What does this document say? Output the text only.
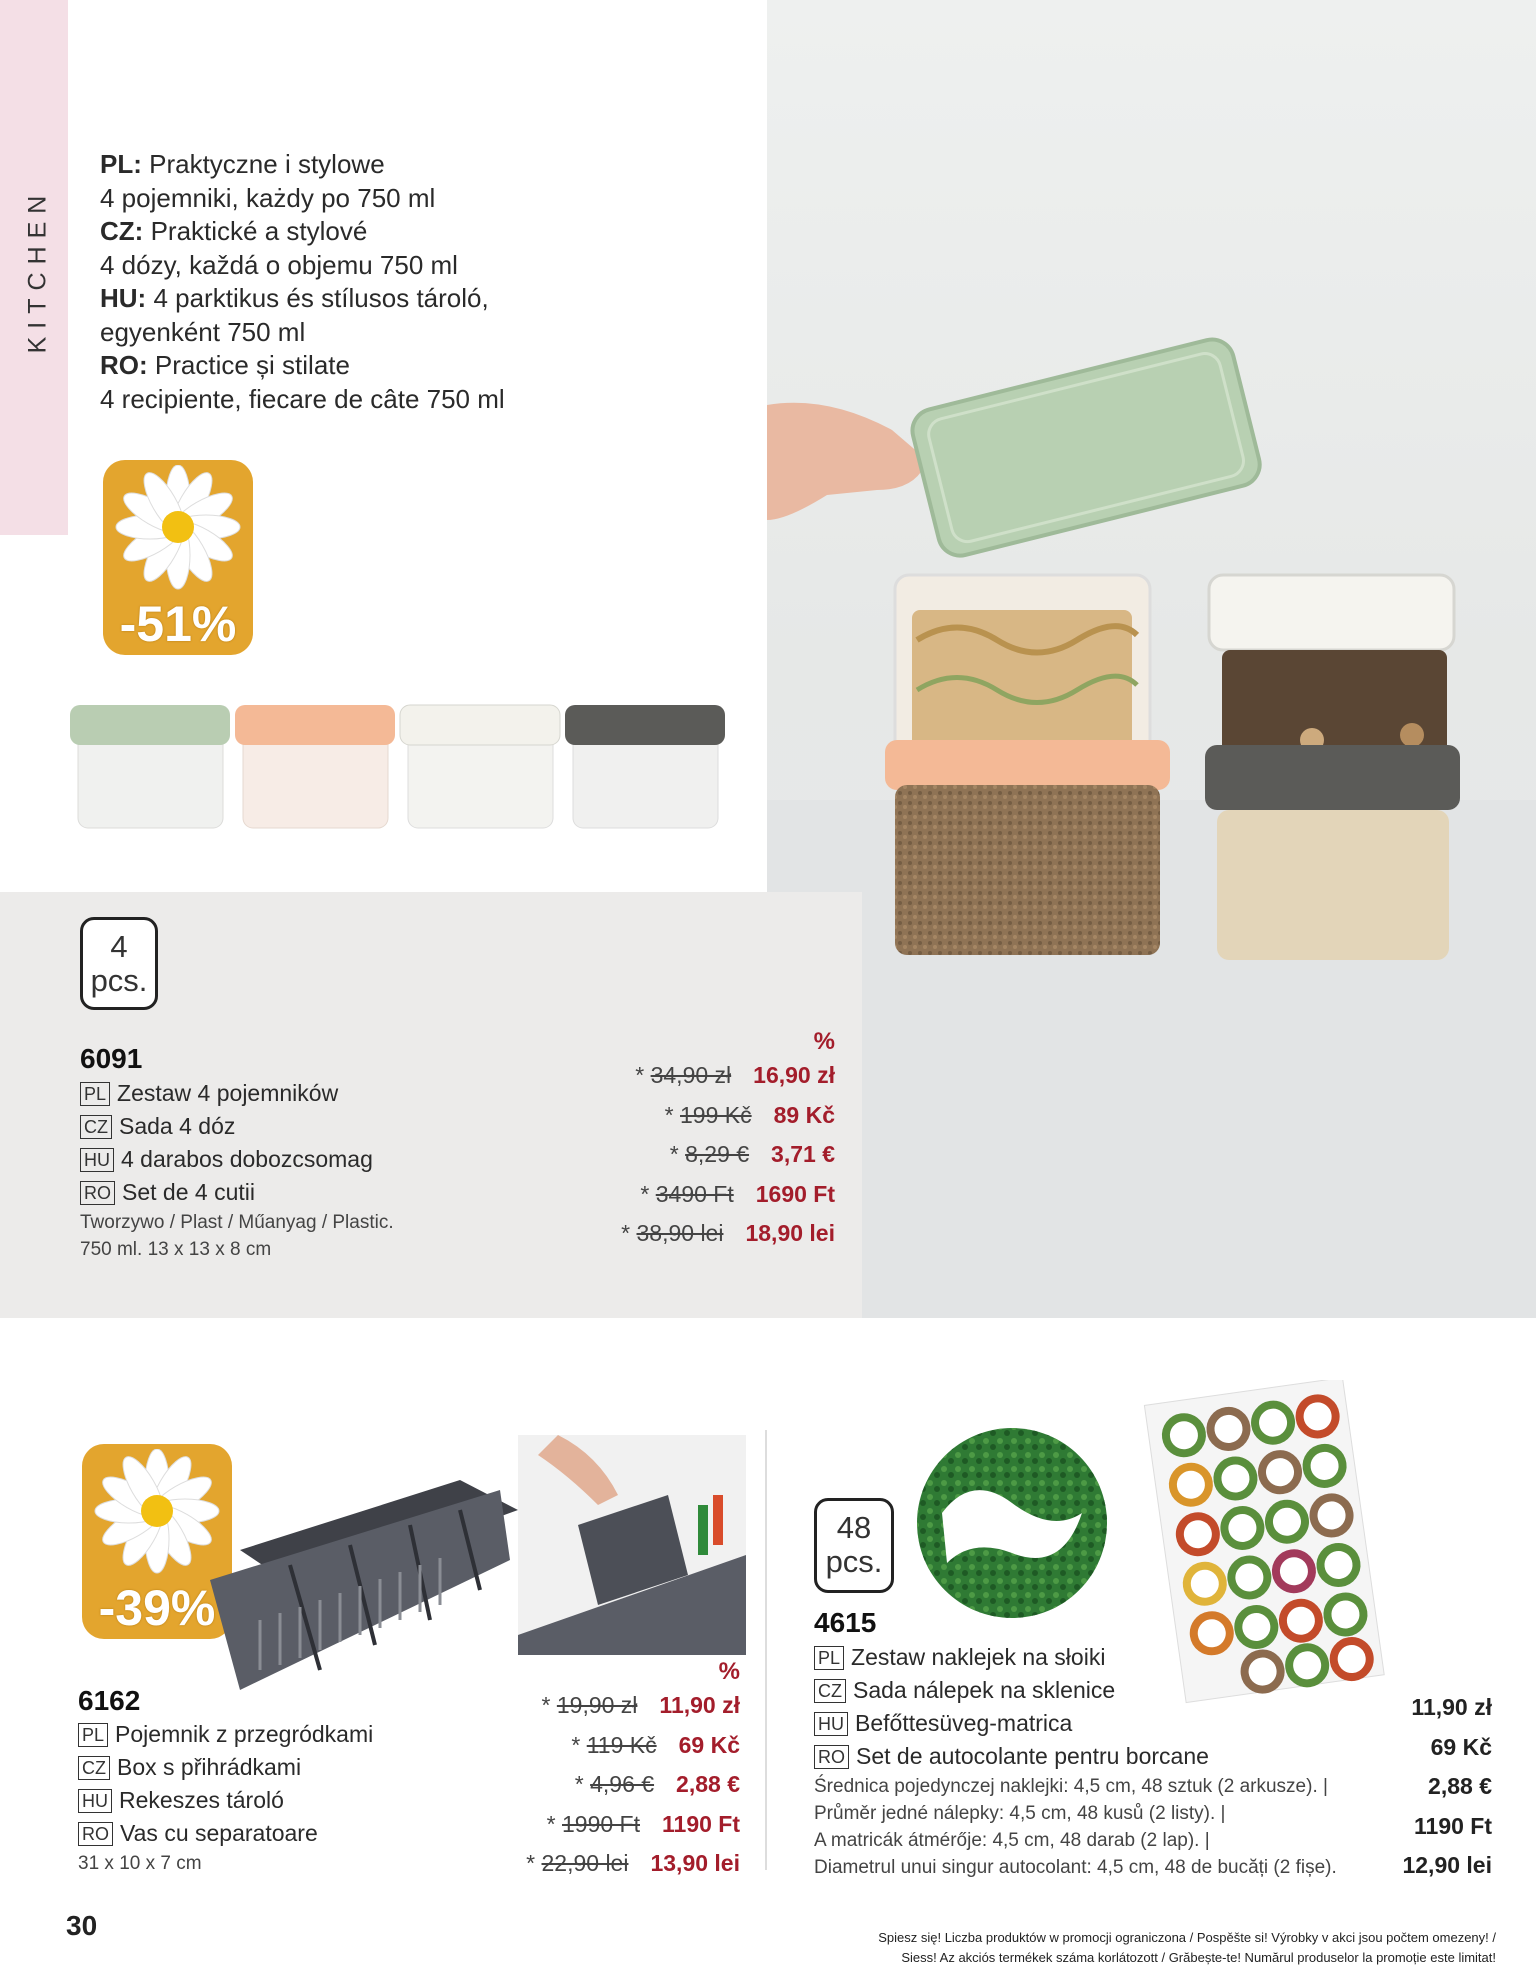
KITCHEN
PL: Praktyczne i stylowe
4 pojemniki, każdy po 750 ml
CZ: Praktické a stylové
4 dózy, každá o objemu 750 ml
HU: 4 parktikus és stílusos tároló,
egyenként 750 ml
RO: Practice și stilate
4 recipiente, fiecare de câte 750 ml
-51%
4
pcs.
6091
PL Zestaw 4 pojemników
CZ Sada 4 dóz
HU 4 darabos dobozcsomag
RO Set de 4 cutii
Tworzywo / Plast / Műanyag / Plastic.
750 ml. 13 x 13 x 8 cm
%
* 34,90 zł 16,90 zł
* 199 Kč 89 Kč
* 8,29 € 3,71 €
* 3490 Ft 1690 Ft
* 38,90 lei 18,90 lei
-39%
6162
PL Pojemnik z przegródkami
CZ Box s přihrádkami
HU Rekeszes tároló
RO Vas cu separatoare
31 x 10 x 7 cm
%
* 19,90 zł 11,90 zł
* 119 Kč 69 Kč
* 4,96 € 2,88 €
* 1990 Ft 1190 Ft
* 22,90 lei 13,90 lei
48
pcs.
4615
PL Zestaw naklejek na słoiki
CZ Sada nálepek na sklenice
HU Befőttesüveg-matrica
RO Set de autocolante pentru borcane
Średnica pojedynczej naklejki: 4,5 cm, 48 sztuk (2 arkusze). |
Průměr jedné nálepky: 4,5 cm, 48 kusů (2 listy). |
A matricák átmérője: 4,5 cm, 48 darab (2 lap). |
Diametrul unui singur autocolant: 4,5 cm, 48 de bucăți (2 fișe).
11,90 zł
69 Kč
2,88 €
1190 Ft
12,90 lei
30	Spiesz się! Liczba produktów w promocji ograniczona / Pospěšte si! Výrobky v akci jsou počtem omezeny! /
Siess! Az akciós termékek száma korlátozott / Grăbește-te! Numărul produselor la promoție este limitat!
